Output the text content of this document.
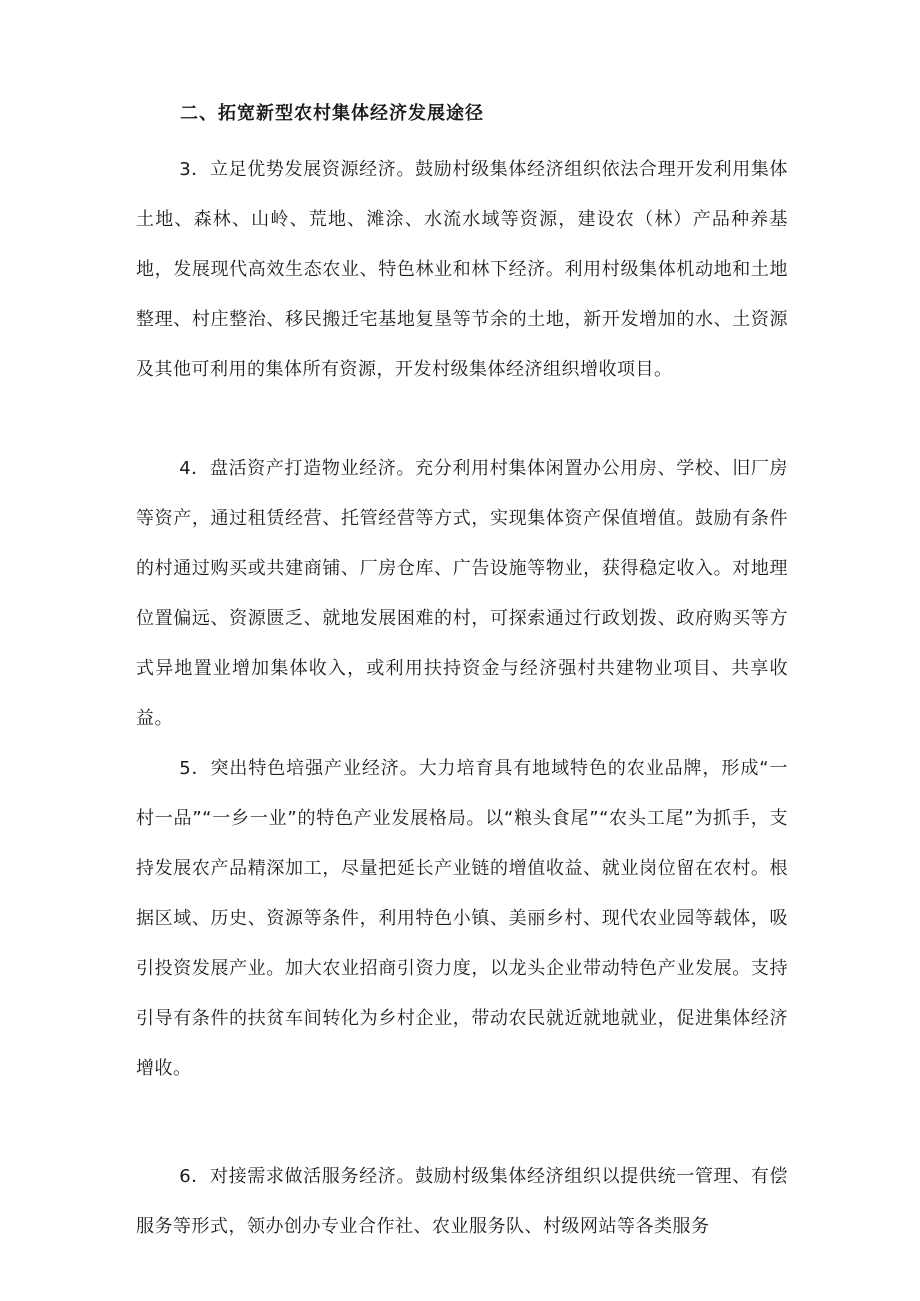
二、拓宽新型农村集体经济发展途径

3．立足优势发展资源经济。鼓励村级集体经济组织依法合理开发利用集体土地、森林、山岭、荒地、滩涂、水流水域等资源，建设农（林）产品种养基地，发展现代高效生态农业、特色林业和林下经济。利用村级集体机动地和土地整理、村庄整治、移民搬迁宅基地复垦等节余的土地，新开发增加的水、土资源及其他可利用的集体所有资源，开发村级集体经济组织增收项目。

4．盘活资产打造物业经济。充分利用村集体闲置办公用房、学校、旧厂房等资产，通过租赁经营、托管经营等方式，实现集体资产保值增值。鼓励有条件的村通过购买或共建商铺、厂房仓库、广告设施等物业，获得稳定收入。对地理位置偏远、资源匮乏、就地发展困难的村，可探索通过行政划拨、政府购买等方式异地置业增加集体收入，或利用扶持资金与经济强村共建物业项目、共享收益。

5．突出特色培强产业经济。大力培育具有地域特色的农业品牌，形成“一村一品”“一乡一业”的特色产业发展格局。以“粮头食尾”“农头工尾”为抓手，支持发展农产品精深加工，尽量把延长产业链的增值收益、就业岗位留在农村。根据区域、历史、资源等条件，利用特色小镇、美丽乡村、现代农业园等载体，吸引投资发展产业。加大农业招商引资力度，以龙头企业带动特色产业发展。支持引导有条件的扶贫车间转化为乡村企业，带动农民就近就地就业，促进集体经济增收。

6．对接需求做活服务经济。鼓励村级集体经济组织以提供统一管理、有偿服务等形式，领办创办专业合作社、农业服务队、村级网站等各类服务
